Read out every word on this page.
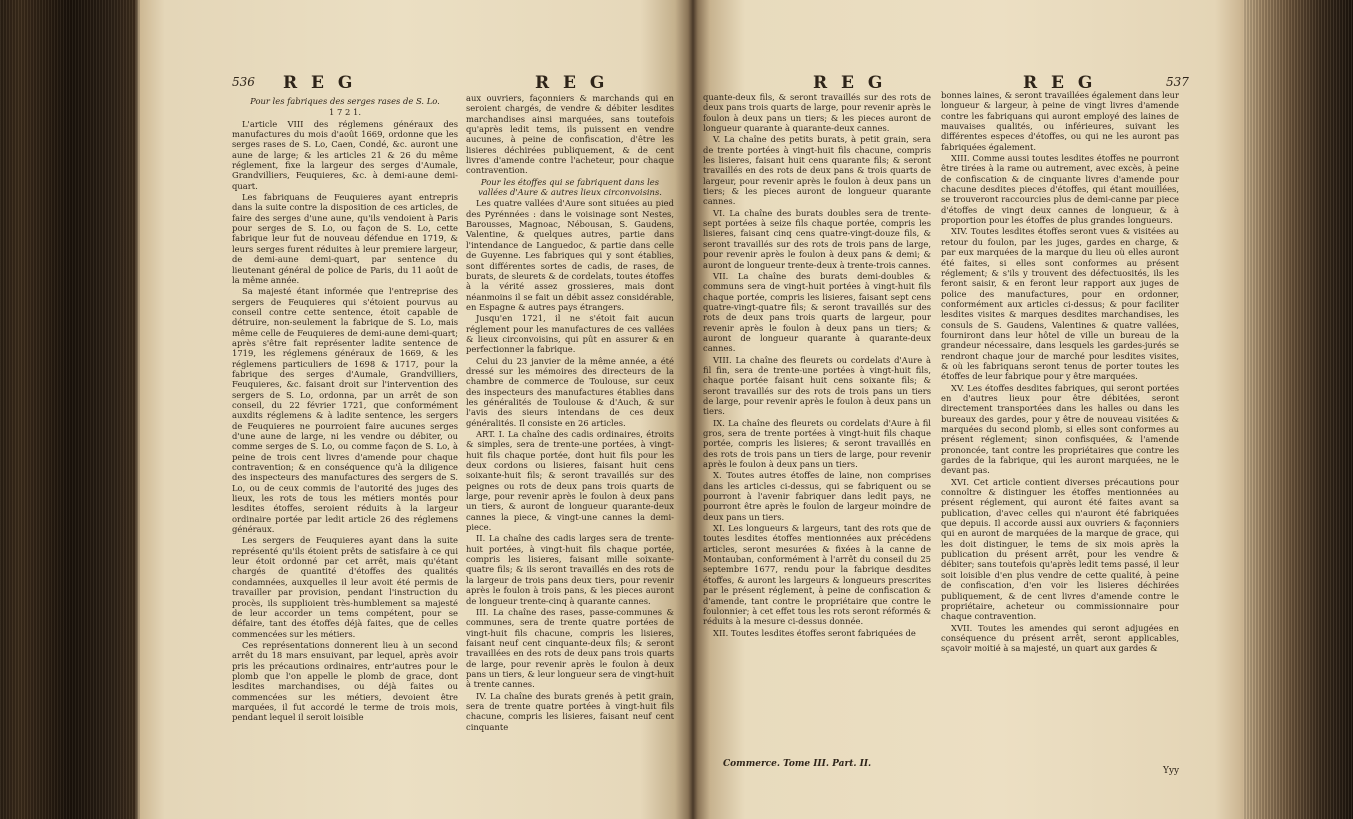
536 R E G	R E G

Pour les fabriques des serges rases de S. Lo.

1 7 2 1.

L'article VIII des réglemens généraux des manufactures du mois d'août 1669, ordonne que les serges rases de S. Lo, Caen, Condé, &c. auront une aune de large; & les articles 21 & 26 du même réglement, fixe la largeur des serges d'Aumale, Grandvilliers, Feuquieres, &c. à demi-aune demi-quart.

Les fabriquans de Feuquieres ayant entrepris dans la suite contre la disposition de ces articles, de faire des serges d'une aune, qu'ils vendoient à Paris pour serges de S. Lo, ou façon de S. Lo, cette fabrique leur fut de nouveau défendue en 1719, & leurs serges furent réduites à leur premiere largeur, de demi-aune demi-quart, par sentence du lieutenant général de police de Paris, du 11 août de la même année.

Sa majesté étant informée que l'entreprise des sergers de Feuquieres qui s'étoient pourvus au conseil contre cette sentence, étoit capable de détruire, non-seulement la fabrique de S. Lo, mais même celle de Feuquieres de demi-aune demi-quart; après s'être fait représenter ladite sentence de 1719, les réglemens généraux de 1669, & les réglemens particuliers de 1698 & 1717, pour la fabrique des serges d'Aumale, Grandvilliers, Feuquieres, &c. faisant droit sur l'intervention des sergers de S. Lo, ordonna, par un arrêt de son conseil, du 22 février 1721, que conformément auxdits réglemens & à ladite sentence, les sergers de Feuquieres ne pourroient faire aucunes serges d'une aune de large, ni les vendre ou débiter, ou comme serges de S. Lo, ou comme façon de S. Lo, à peine de trois cent livres d'amende pour chaque contravention; & en conséquence qu'à la diligence des inspecteurs des manufactures des sergers de S. Lo, ou de ceux commis de l'autorité des juges des lieux, les rots de tous les métiers montés pour lesdites étoffes, seroient réduits à la largeur ordinaire portée par ledit article 26 des réglemens généraux.

Les sergers de Feuquieres ayant dans la suite représenté qu'ils étoient prêts de satisfaire à ce qui leur étoit ordonné par cet arrêt, mais qu'étant chargés de quantité d'étoffes des qualités condamnées, auxquelles il leur avoit été permis de travailler par provision, pendant l'instruction du procès, ils supplioient très-humblement sa majesté de leur accorder un tems compétent, pour se défaire, tant des étoffes déjà faites, que de celles commencées sur les métiers.

Ces représentations donnerent lieu à un second arrêt du 18 mars ensuivant, par lequel, après avoir pris les précautions ordinaires, entr'autres pour le plomb que l'on appelle le plomb de grace, dont lesdites marchandises, ou déjà faites ou commencées sur les métiers, devoient être marquées, il fut accordé le terme de trois mois, pendant lequel il seroit loisible

aux ouvriers, façonniers & marchands qui en seroient chargés, de vendre & débiter lesdites marchandises ainsi marquées, sans toutefois qu'après ledit tems, ils puissent en vendre aucunes, à peine de confiscation, d'être les lisieres déchirées publiquement, & de cent livres d'amende contre l'acheteur, pour chaque contravention.

Pour les étoffes qui se fabriquent dans les vallées d'Aure & autres lieux circonvoisins.

Les quatre vallées d'Aure sont situées au pied des Pyrénnées : dans le voisinage sont Nestes, Barousses, Magnoac, Nébousan, S. Gaudens, Valentine, & quelques autres, partie dans l'intendance de Languedoc, & partie dans celle de Guyenne. Les fabriques qui y sont établies, sont différentes sortes de cadis, de rases, de burats, de sleurets & de cordelats, toutes étoffes à la vérité assez grossieres, mais dont néanmoins il se fait un débit assez considérable, en Espagne & autres pays étrangers.

Jusqu'en 1721, il ne s'étoit fait aucun réglement pour les manufactures de ces vallées & lieux circonvoisins, qui pût en assurer & en perfectionner la fabrique.

Celui du 23 janvier de la même année, a été dressé sur les mémoires des directeurs de la chambre de commerce de Toulouse, sur ceux des inspecteurs des manufactures établies dans les généralités de Toulouse & d'Auch, & sur l'avis des sieurs intendans de ces deux généralités. Il consiste en 26 articles.

ART. I. La chaîne des cadis ordinaires, étroits & simples, sera de trente-une portées, à vingt-huit fils chaque portée, dont huit fils pour les deux cordons ou lisieres, faisant huit cens soixante-huit fils; & seront travaillés sur des peignes ou rots de deux pans trois quarts de large, pour revenir après le foulon à deux pans un tiers, & auront de longueur quarante-deux cannes la piece, & vingt-une cannes la demi-piece.

II. La chaîne des cadis larges sera de trente-huit portées, à vingt-huit fils chaque portée, compris les lisieres, faisant mille soixante-quatre fils; & ils seront travaillés en des rots de la largeur de trois pans deux tiers, pour revenir après le foulon à trois pans, & les pieces auront de longueur trente-cinq à quarante cannes.

III. La chaîne des rases, passe-communes & communes, sera de trente quatre portées de vingt-huit fils chacune, compris les lisieres, faisant neuf cent cinquante-deux fils; & seront travaillées en des rots de deux pans trois quarts de large, pour revenir après le foulon à deux pans un tiers, & leur longueur sera de vingt-huit à trente cannes.

IV. La chaîne des burats grenés à petit grain, sera de trente quatre portées à vingt-huit fils chacune, compris les lisieres, faisant neuf cent cinquante

R E G	R E G	537

quante-deux fils, & seront travaillés sur des rots de deux pans trois quarts de large, pour revenir après le foulon à deux pans un tiers; & les pieces auront de longueur quarante à quarante-deux cannes.

V. La chaîne des petits burats, à petit grain, sera de trente portées à vingt-huit fils chacune, compris les lisieres, faisant huit cens quarante fils; & seront travaillés en des rots de deux pans & trois quarts de largeur, pour revenir après le foulon à deux pans un tiers; & les pieces auront de longueur quarante cannes.

VI. La chaîne des burats doubles sera de trente-sept portées à seize fils chaque portée, compris les lisieres, faisant cinq cens quatre-vingt-douze fils, & seront travaillés sur des rots de trois pans de large, pour revenir après le foulon à deux pans & demi; & auront de longueur trente-deux à trente-trois cannes.

VII. La chaîne des burats demi-doubles & communs sera de vingt-huit portées à vingt-huit fils chaque portée, compris les lisieres, faisant sept cens quatre-vingt-quatre fils; & seront travaillés sur des rots de deux pans trois quarts de largeur, pour revenir après le foulon à deux pans un tiers; & auront de longueur quarante à quarante-deux cannes.

VIII. La chaîne des fleurets ou cordelats d'Aure à fil fin, sera de trente-une portées à vingt-huit fils, chaque portée faisant huit cens soixante fils; & seront travaillés sur des rots de trois pans un tiers de large, pour revenir après le foulon à deux pans un tiers.

IX. La chaîne des fleurets ou cordelats d'Aure à fil gros, sera de trente portées à vingt-huit fils chaque portée, compris les lisieres; & seront travaillés en des rots de trois pans un tiers de large, pour revenir après le foulon à deux pans un tiers.

X. Toutes autres étoffes de laine, non comprises dans les articles ci-dessus, qui se fabriquent ou se pourront à l'avenir fabriquer dans ledit pays, ne pourront être après le foulon de largeur moindre de deux pans un tiers.

XI. Les longueurs & largeurs, tant des rots que de toutes lesdites étoffes mentionnées aux précédens articles, seront mesurées & fixées à la canne de Montauban, conformément à l'arrêt du conseil du 25 septembre 1677, rendu pour la fabrique desdites étoffes, & auront les largeurs & longueurs prescrites par le présent réglement, à peine de confiscation & d'amende, tant contre le propriétaire que contre le foulonnier; à cet effet tous les rots seront réformés & réduits à la mesure ci-dessus donnée.

XII. Toutes lesdites étoffes seront fabriquées de

bonnes laines, & seront travaillées également dans leur longueur & largeur, à peine de vingt livres d'amende contre les fabriquans qui auront employé des laines de mauvaises qualités, ou inférieures, suivant les différentes especes d'étoffes, ou qui ne les auront pas fabriquées également.

XIII. Comme aussi toutes lesdites étoffes ne pourront être tirées à la rame ou autrement, avec excès, à peine de confiscation & de cinquante livres d'amende pour chacune desdites pieces d'étoffes, qui étant mouillées, se trouveront raccourcies plus de demi-canne par piece d'étoffes de vingt deux cannes de longueur, & à proportion pour les étoffes de plus grandes longueurs.

XIV. Toutes lesdites étoffes seront vues & visitées au retour du foulon, par les juges, gardes en charge, & par eux marquées de la marque du lieu où elles auront été faites, si elles sont conformes au présent réglement; & s'ils y trouvent des défectuosités, ils les feront saisir, & en feront leur rapport aux juges de police des manufactures, pour en ordonner, conformément aux articles ci-dessus; & pour faciliter lesdites visites & marques desdites marchandises, les consuls de S. Gaudens, Valentines & quatre vallées, fourniront dans leur hôtel de ville un bureau de la grandeur nécessaire, dans lesquels les gardes-jurés se rendront chaque jour de marché pour lesdites visites, & où les fabriquans seront tenus de porter toutes les étoffes de leur fabrique pour y être marquées.

XV. Les étoffes desdites fabriques, qui seront portées en d'autres lieux pour être débitées, seront directement transportées dans les halles ou dans les bureaux des gardes, pour y être de nouveau visitées & marquées du second plomb, si elles sont conformes au présent réglement; sinon confisquées, & l'amende prononcée, tant contre les propriétaires que contre les gardes de la fabrique, qui les auront marquées, ne le devant pas.

XVI. Cet article contient diverses précautions pour connoître & distinguer les étoffes mentionnées au présent réglement, qui auront été faites avant sa publication, d'avec celles qui n'auront été fabriquées que depuis. Il accorde aussi aux ouvriers & façonniers qui en auront de marquées de la marque de grace, qui les doit distinguer, le tems de six mois après la publication du présent arrêt, pour les vendre & débiter; sans toutefois qu'après ledit tems passé, il leur soit loisible d'en plus vendre de cette qualité, à peine de confiscation, d'en voir les lisieres déchirées publiquement, & de cent livres d'amende contre le propriétaire, acheteur ou commissionnaire pour chaque contravention.

XVII. Toutes les amendes qui seront adjugées en conséquence du présent arrêt, seront applicables, sçavoir moitié à sa majesté, un quart aux gardes &

Commerce. Tome III. Part. II.
Yyy
